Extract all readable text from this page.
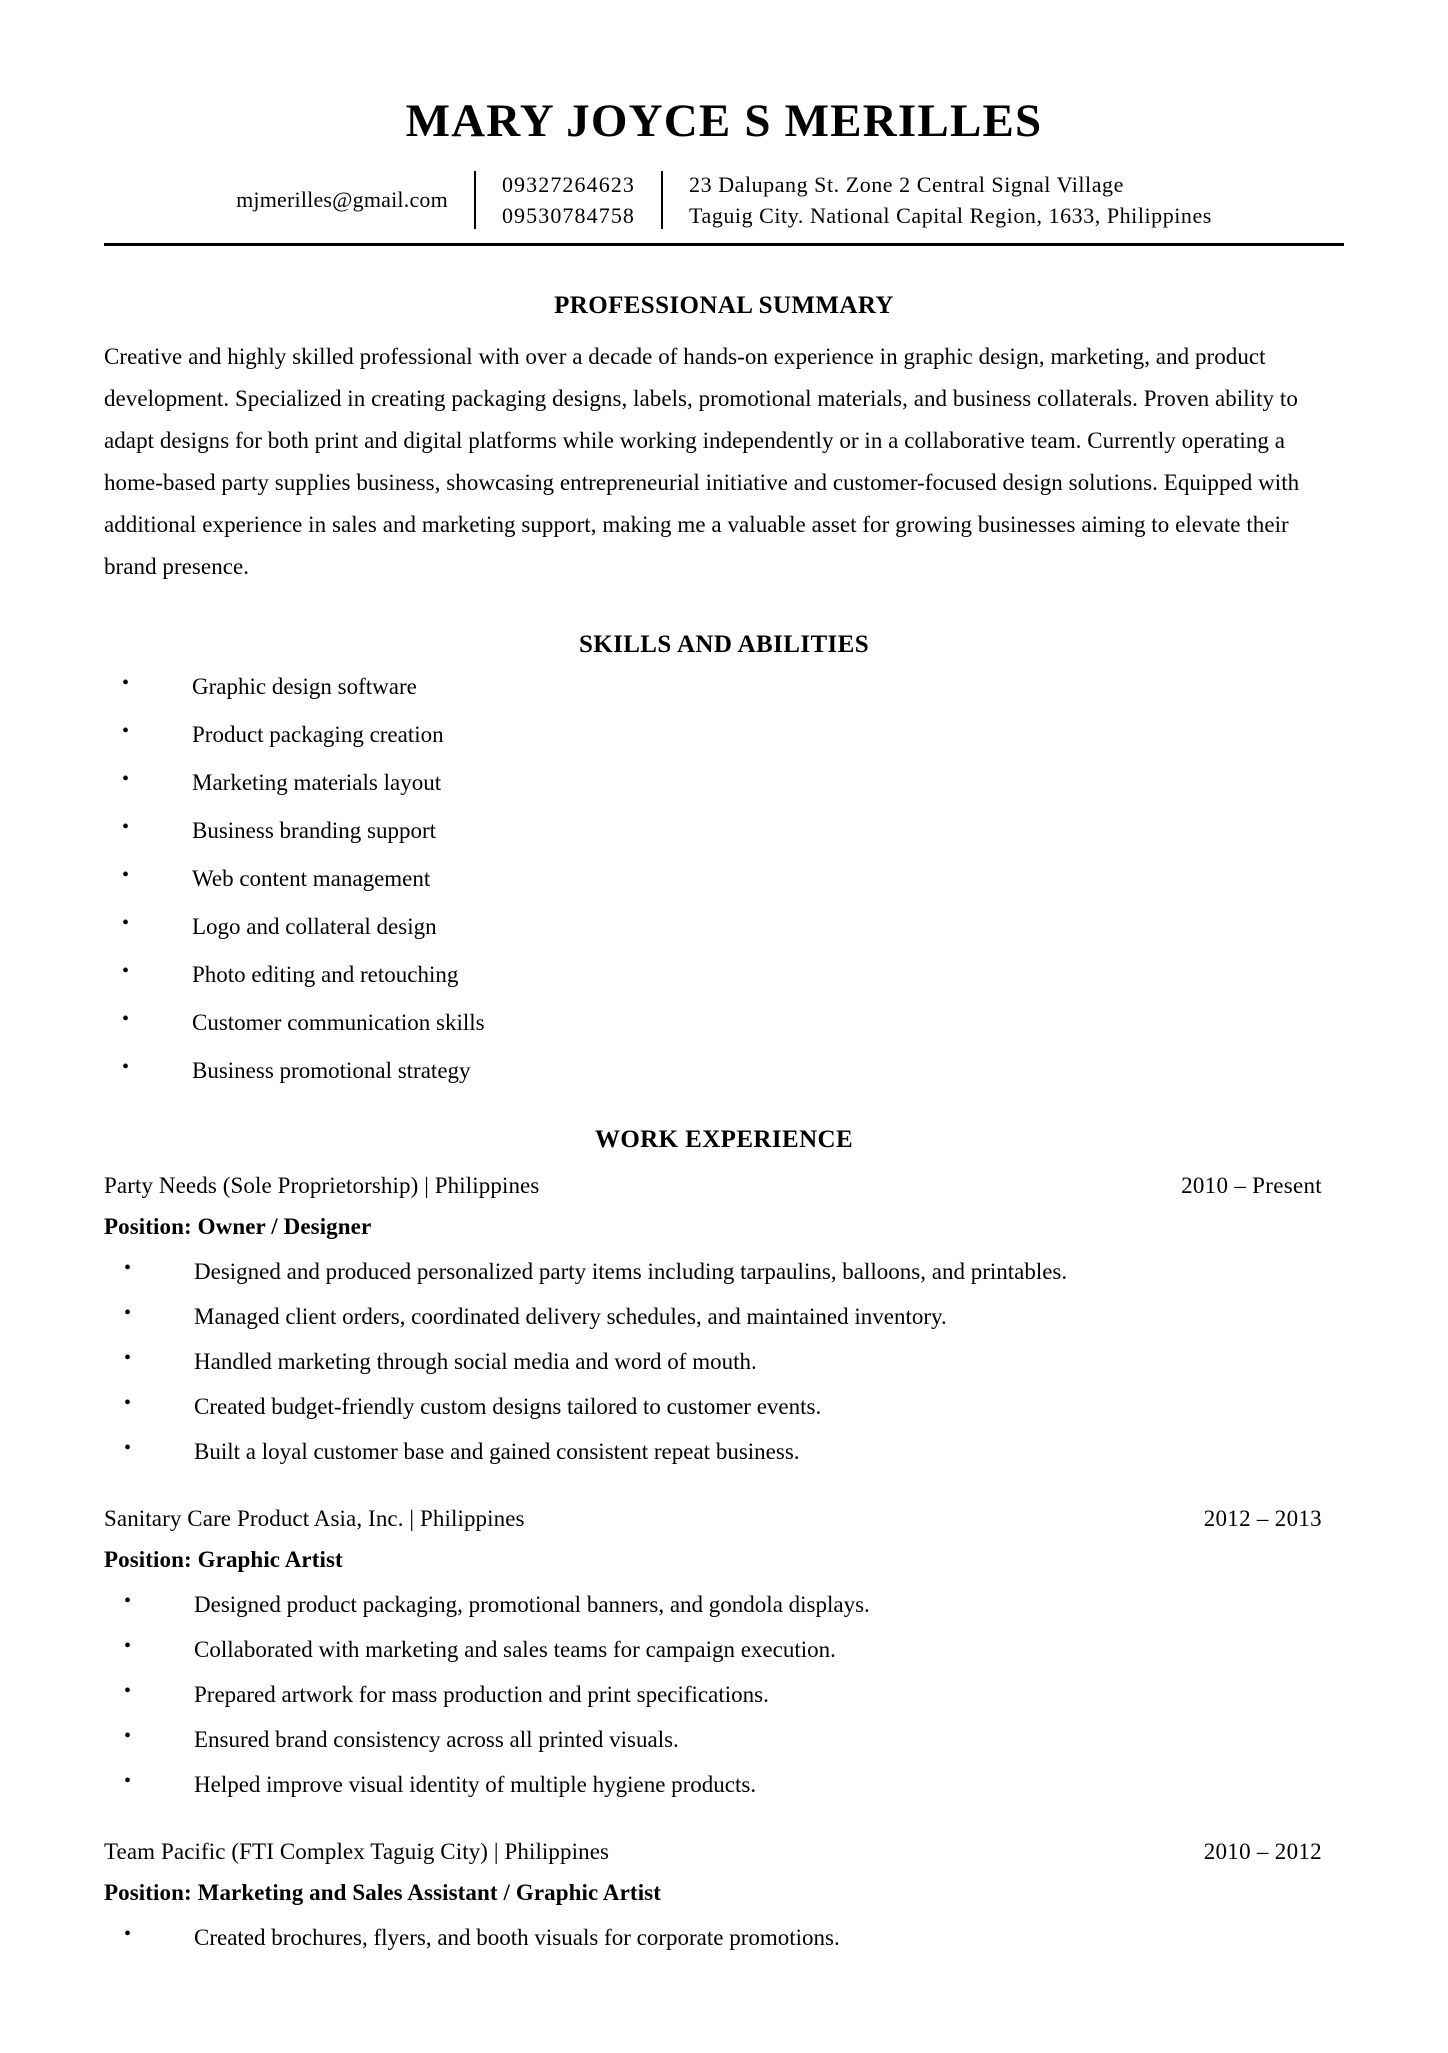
MARY JOYCE S MERILLES
mjmerilles@gmail.com
09327264623
09530784758
23 Dalupang St. Zone 2 Central Signal Village
Taguig City. National Capital Region, 1633, Philippines
PROFESSIONAL SUMMARY

Creative and highly skilled professional with over a decade of hands-on experience in graphic design, marketing, and product development. Specialized in creating packaging designs, labels, promotional materials, and business collaterals. Proven ability to adapt designs for both print and digital platforms while working independently or in a collaborative team. Currently operating a home-based party supplies business, showcasing entrepreneurial initiative and customer-focused design solutions. Equipped with additional experience in sales and marketing support, making me a valuable asset for growing businesses aiming to elevate their brand presence.

SKILLS AND ABILITIES
• Graphic design software
• Product packaging creation
• Marketing materials layout
• Business branding support
• Web content management
• Logo and collateral design
• Photo editing and retouching
• Customer communication skills
• Business promotional strategy
WORK EXPERIENCE
Party Needs (Sole Proprietorship) | Philippines	2010 – Present
Position: Owner / Designer
• Designed and produced personalized party items including tarpaulins, balloons, and printables.
• Managed client orders, coordinated delivery schedules, and maintained inventory.
• Handled marketing through social media and word of mouth.
• Created budget-friendly custom designs tailored to customer events.
• Built a loyal customer base and gained consistent repeat business.
Sanitary Care Product Asia, Inc. | Philippines	2012 – 2013
Position: Graphic Artist
• Designed product packaging, promotional banners, and gondola displays.
• Collaborated with marketing and sales teams for campaign execution.
• Prepared artwork for mass production and print specifications.
• Ensured brand consistency across all printed visuals.
• Helped improve visual identity of multiple hygiene products.
Team Pacific (FTI Complex Taguig City) | Philippines	2010 – 2012
Position: Marketing and Sales Assistant / Graphic Artist
• Created brochures, flyers, and booth visuals for corporate promotions.
